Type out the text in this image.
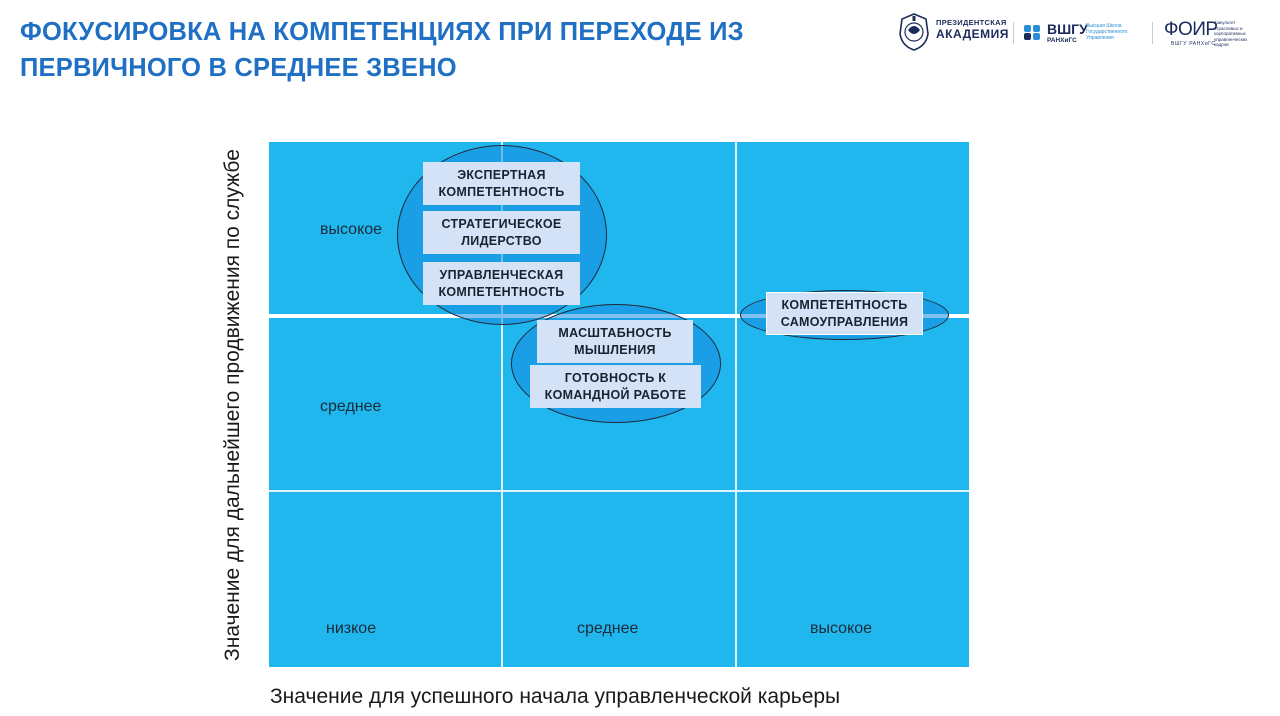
ФОКУСИРОВКА НА КОМПЕТЕНЦИЯХ ПРИ ПЕРЕХОДЕ ИЗ
ПЕРВИЧНОГО В СРЕДНЕЕ ЗВЕНО
ПРЕЗИДЕНТСКАЯ
АКАДЕМИЯ	ВШГУ
РАНХиГС
Высшая Школа Государственного Управления	ФОИР
ВШГУ РАНХиГС
факультет отраслевых и корпоративных управленческих кадров
Значение для дальнейшего продвижения по службе	высокое
среднее
низкое	среднее	высокое
ЭКСПЕРТНАЯ
КОМПЕТЕНТНОСТЬ
СТРАТЕГИЧЕСКОЕ
ЛИДЕРСТВО
УПРАВЛЕНЧЕСКАЯ
КОМПЕТЕНТНОСТЬ
МАСШТАБНОСТЬ
МЫШЛЕНИЯ
ГОТОВНОСТЬ К
КОМАНДНОЙ РАБОТЕ
КОМПЕТЕНТНОСТЬ
САМОУПРАВЛЕНИЯ
Значение для успешного начала управленческой карьеры
